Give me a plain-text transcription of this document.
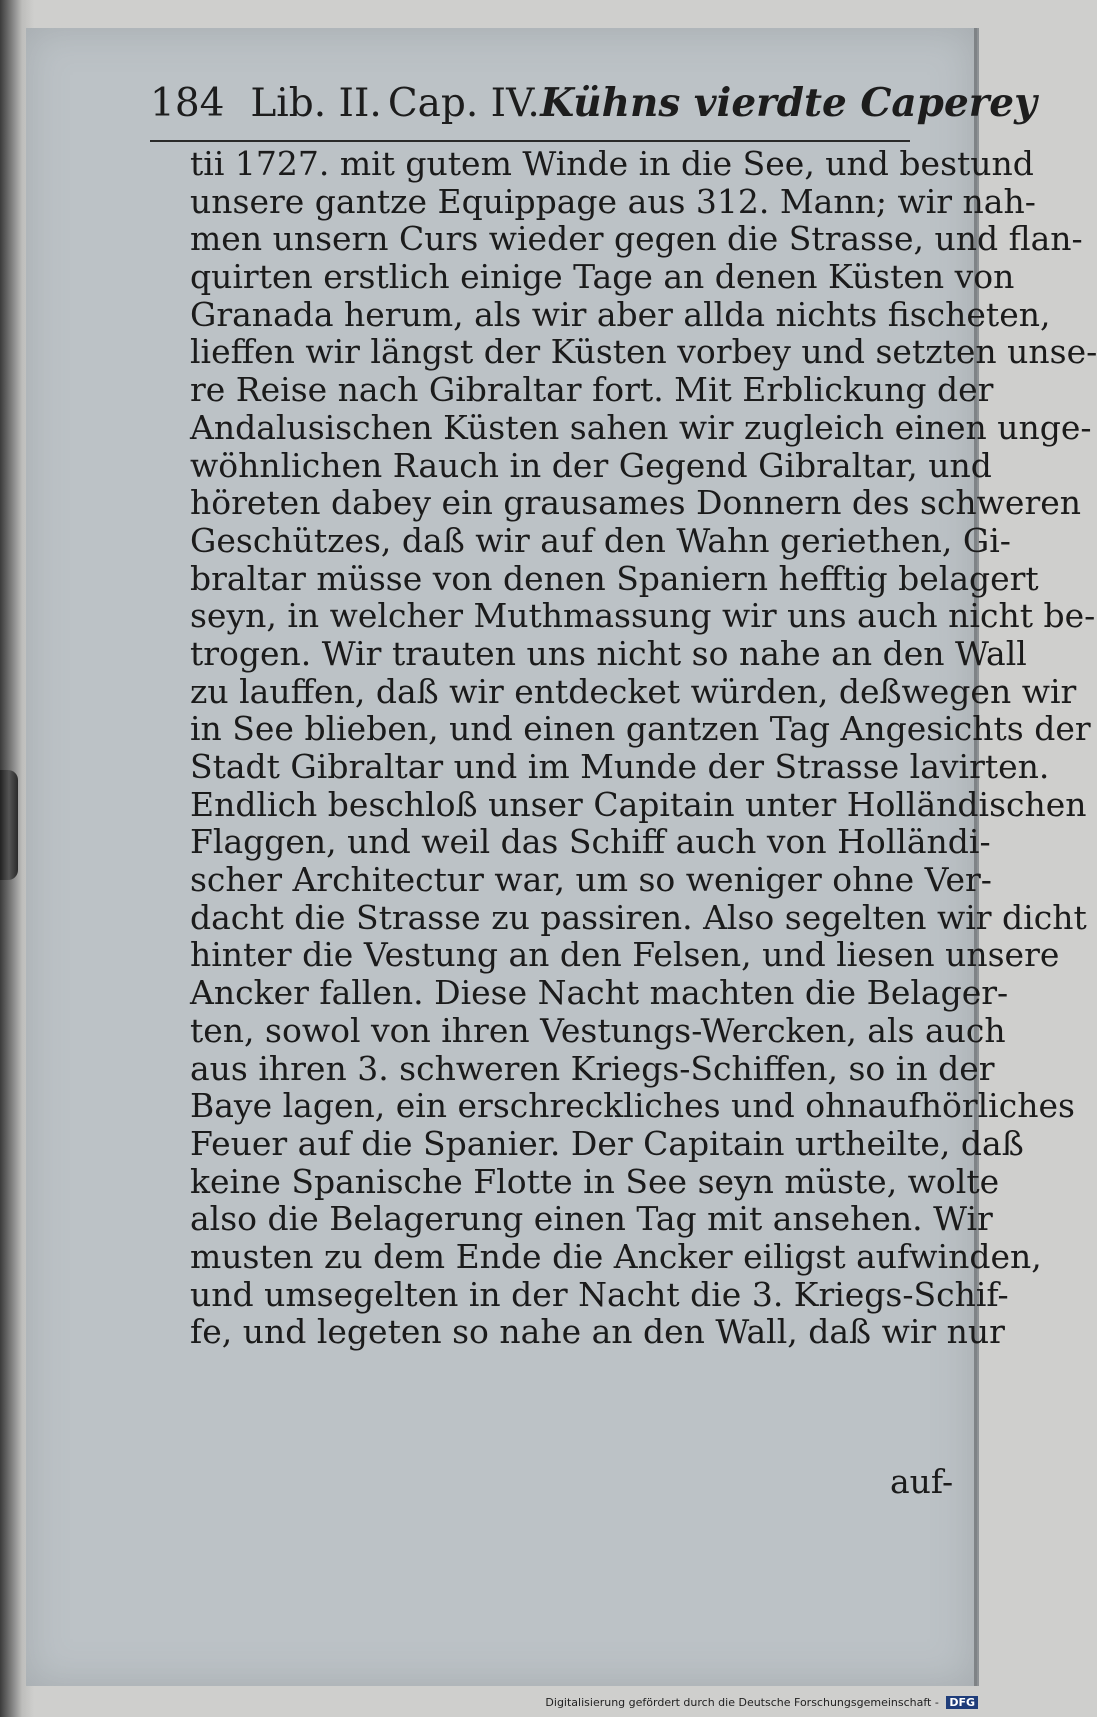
184 Lib. II. Cap. IV. Kühns vierdte Caperey
tii 1727. mit gutem Winde in die See, und bestund
unsere gantze Equippage aus 312. Mann; wir nah-
men unsern Curs wieder gegen die Strasse, und flan-
quirten erstlich einige Tage an denen Küsten von
Granada herum, als wir aber allda nichts fischeten,
lieffen wir längst der Küsten vorbey und setzten unse-
re Reise nach Gibraltar fort. Mit Erblickung der
Andalusischen Küsten sahen wir zugleich einen unge-
wöhnlichen Rauch in der Gegend Gibraltar, und
höreten dabey ein grausames Donnern des schweren
Geschützes, daß wir auf den Wahn geriethen, Gi-
braltar müsse von denen Spaniern hefftig belagert
seyn, in welcher Muthmassung wir uns auch nicht be-
trogen. Wir trauten uns nicht so nahe an den Wall
zu lauffen, daß wir entdecket würden, deßwegen wir
in See blieben, und einen gantzen Tag Angesichts der
Stadt Gibraltar und im Munde der Strasse lavirten.
Endlich beschloß unser Capitain unter Holländischen
Flaggen, und weil das Schiff auch von Holländi-
scher Architectur war, um so weniger ohne Ver-
dacht die Strasse zu passiren. Also segelten wir dicht
hinter die Vestung an den Felsen, und liesen unsere
Ancker fallen. Diese Nacht machten die Belager-
ten, sowol von ihren Vestungs-Wercken, als auch
aus ihren 3. schweren Kriegs-Schiffen, so in der
Baye lagen, ein erschreckliches und ohnaufhörliches
Feuer auf die Spanier. Der Capitain urtheilte, daß
keine Spanische Flotte in See seyn müste, wolte
also die Belagerung einen Tag mit ansehen. Wir
musten zu dem Ende die Ancker eiligst aufwinden,
und umsegelten in der Nacht die 3. Kriegs-Schif-
fe, und legeten so nahe an den Wall, daß wir nur
auf-
Digitalisierung gefördert durch die Deutsche Forschungsgemeinschaft - DFG
